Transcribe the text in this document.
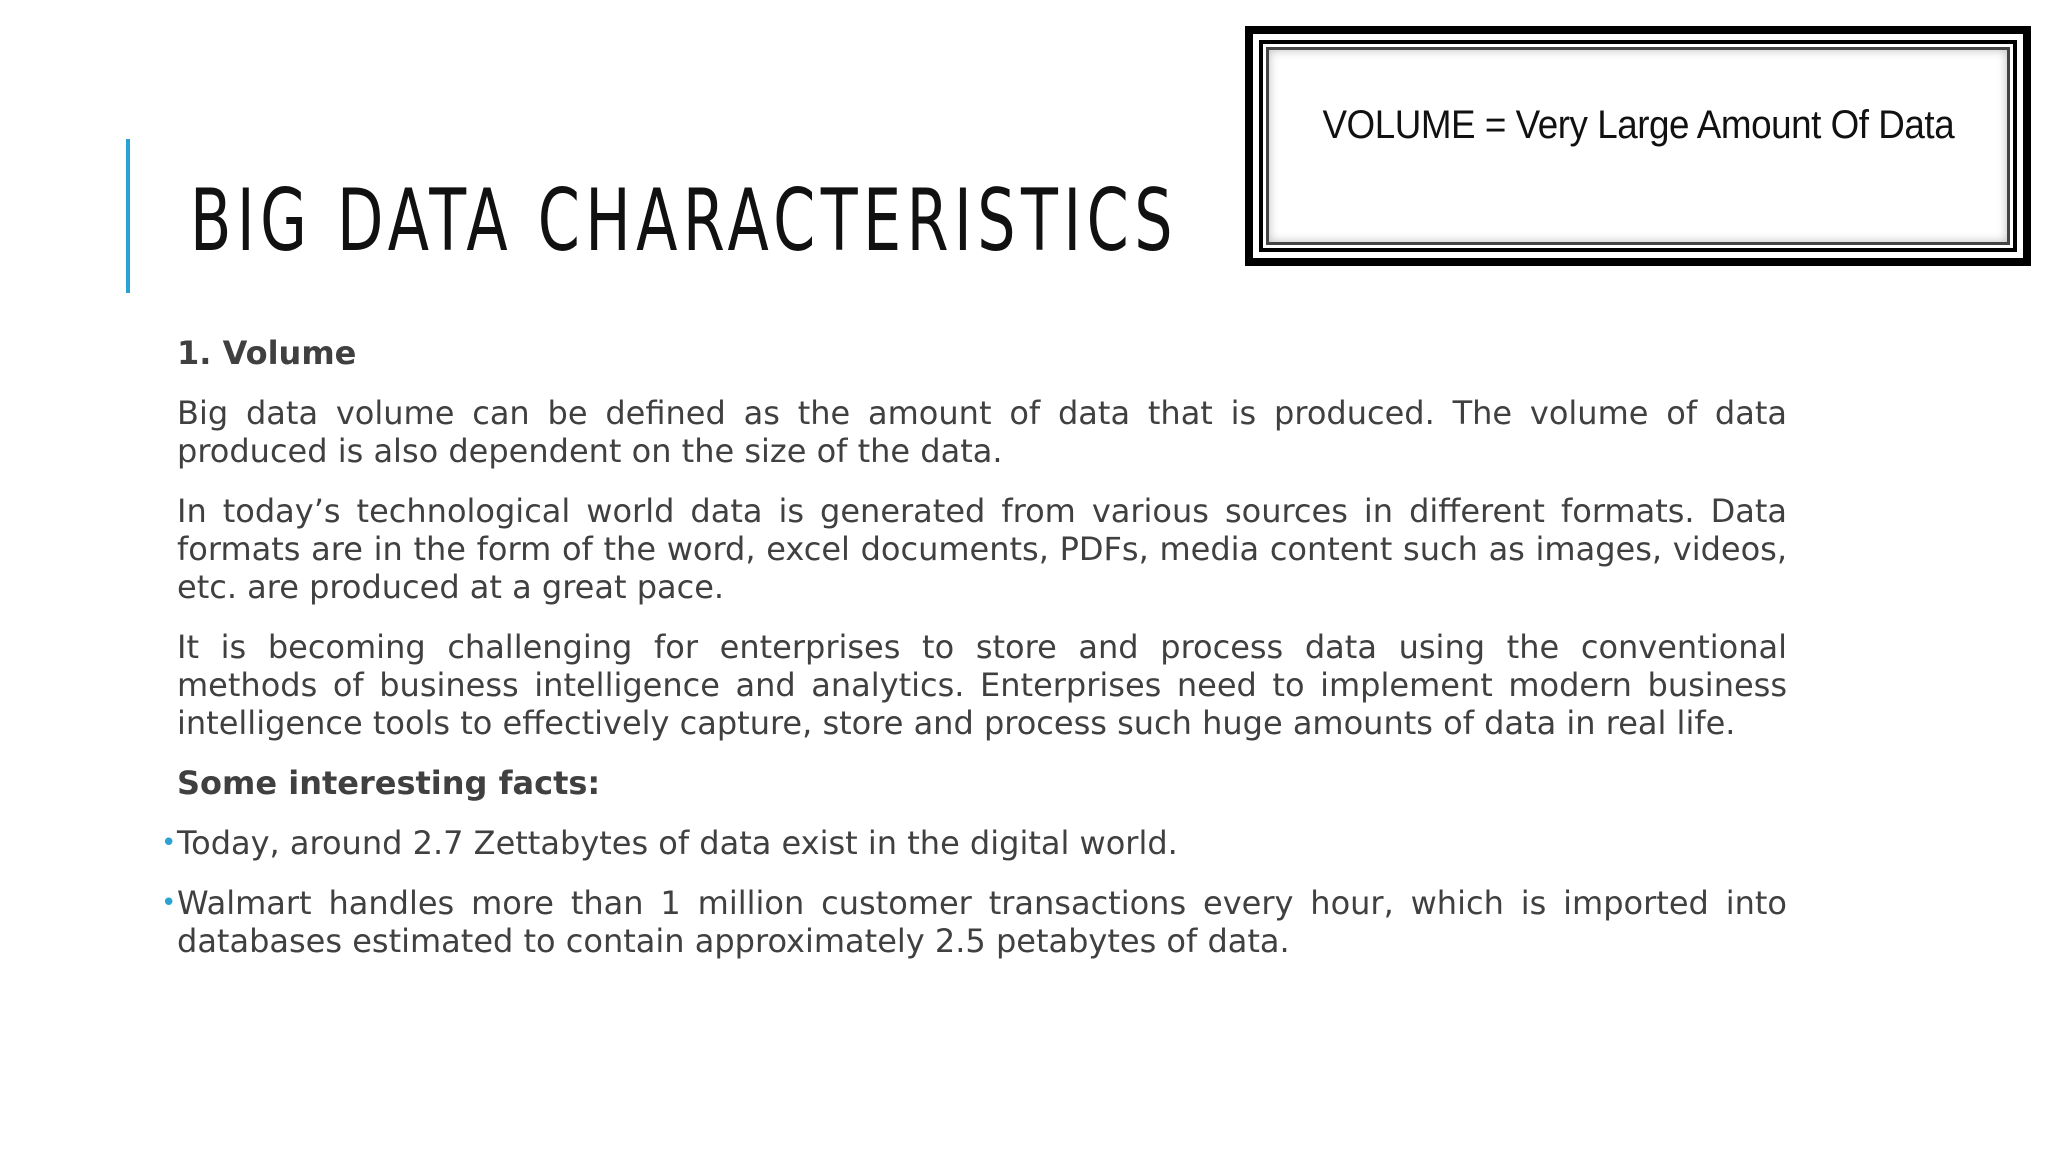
BIG DATA CHARACTERISTICS
VOLUME = Very Large Amount Of Data

1. Volume

Big data volume can be defined as the amount of data that is produced. The volume of data produced is also dependent on the size of the data.

In today’s technological world data is generated from various sources in different formats. Data formats are in the form of the word, excel documents, PDFs, media content such as images, videos, etc. are produced at a great pace.

It is becoming challenging for enterprises to store and process data using the conventional methods of business intelligence and analytics. Enterprises need to implement modern business intelligence tools to effectively capture, store and process such huge amounts of data in real life.

Some interesting facts:

• Today, around 2.7 Zettabytes of data exist in the digital world.

• Walmart handles more than 1 million customer transactions every hour, which is imported into databases estimated to contain approximately 2.5 petabytes of data.
